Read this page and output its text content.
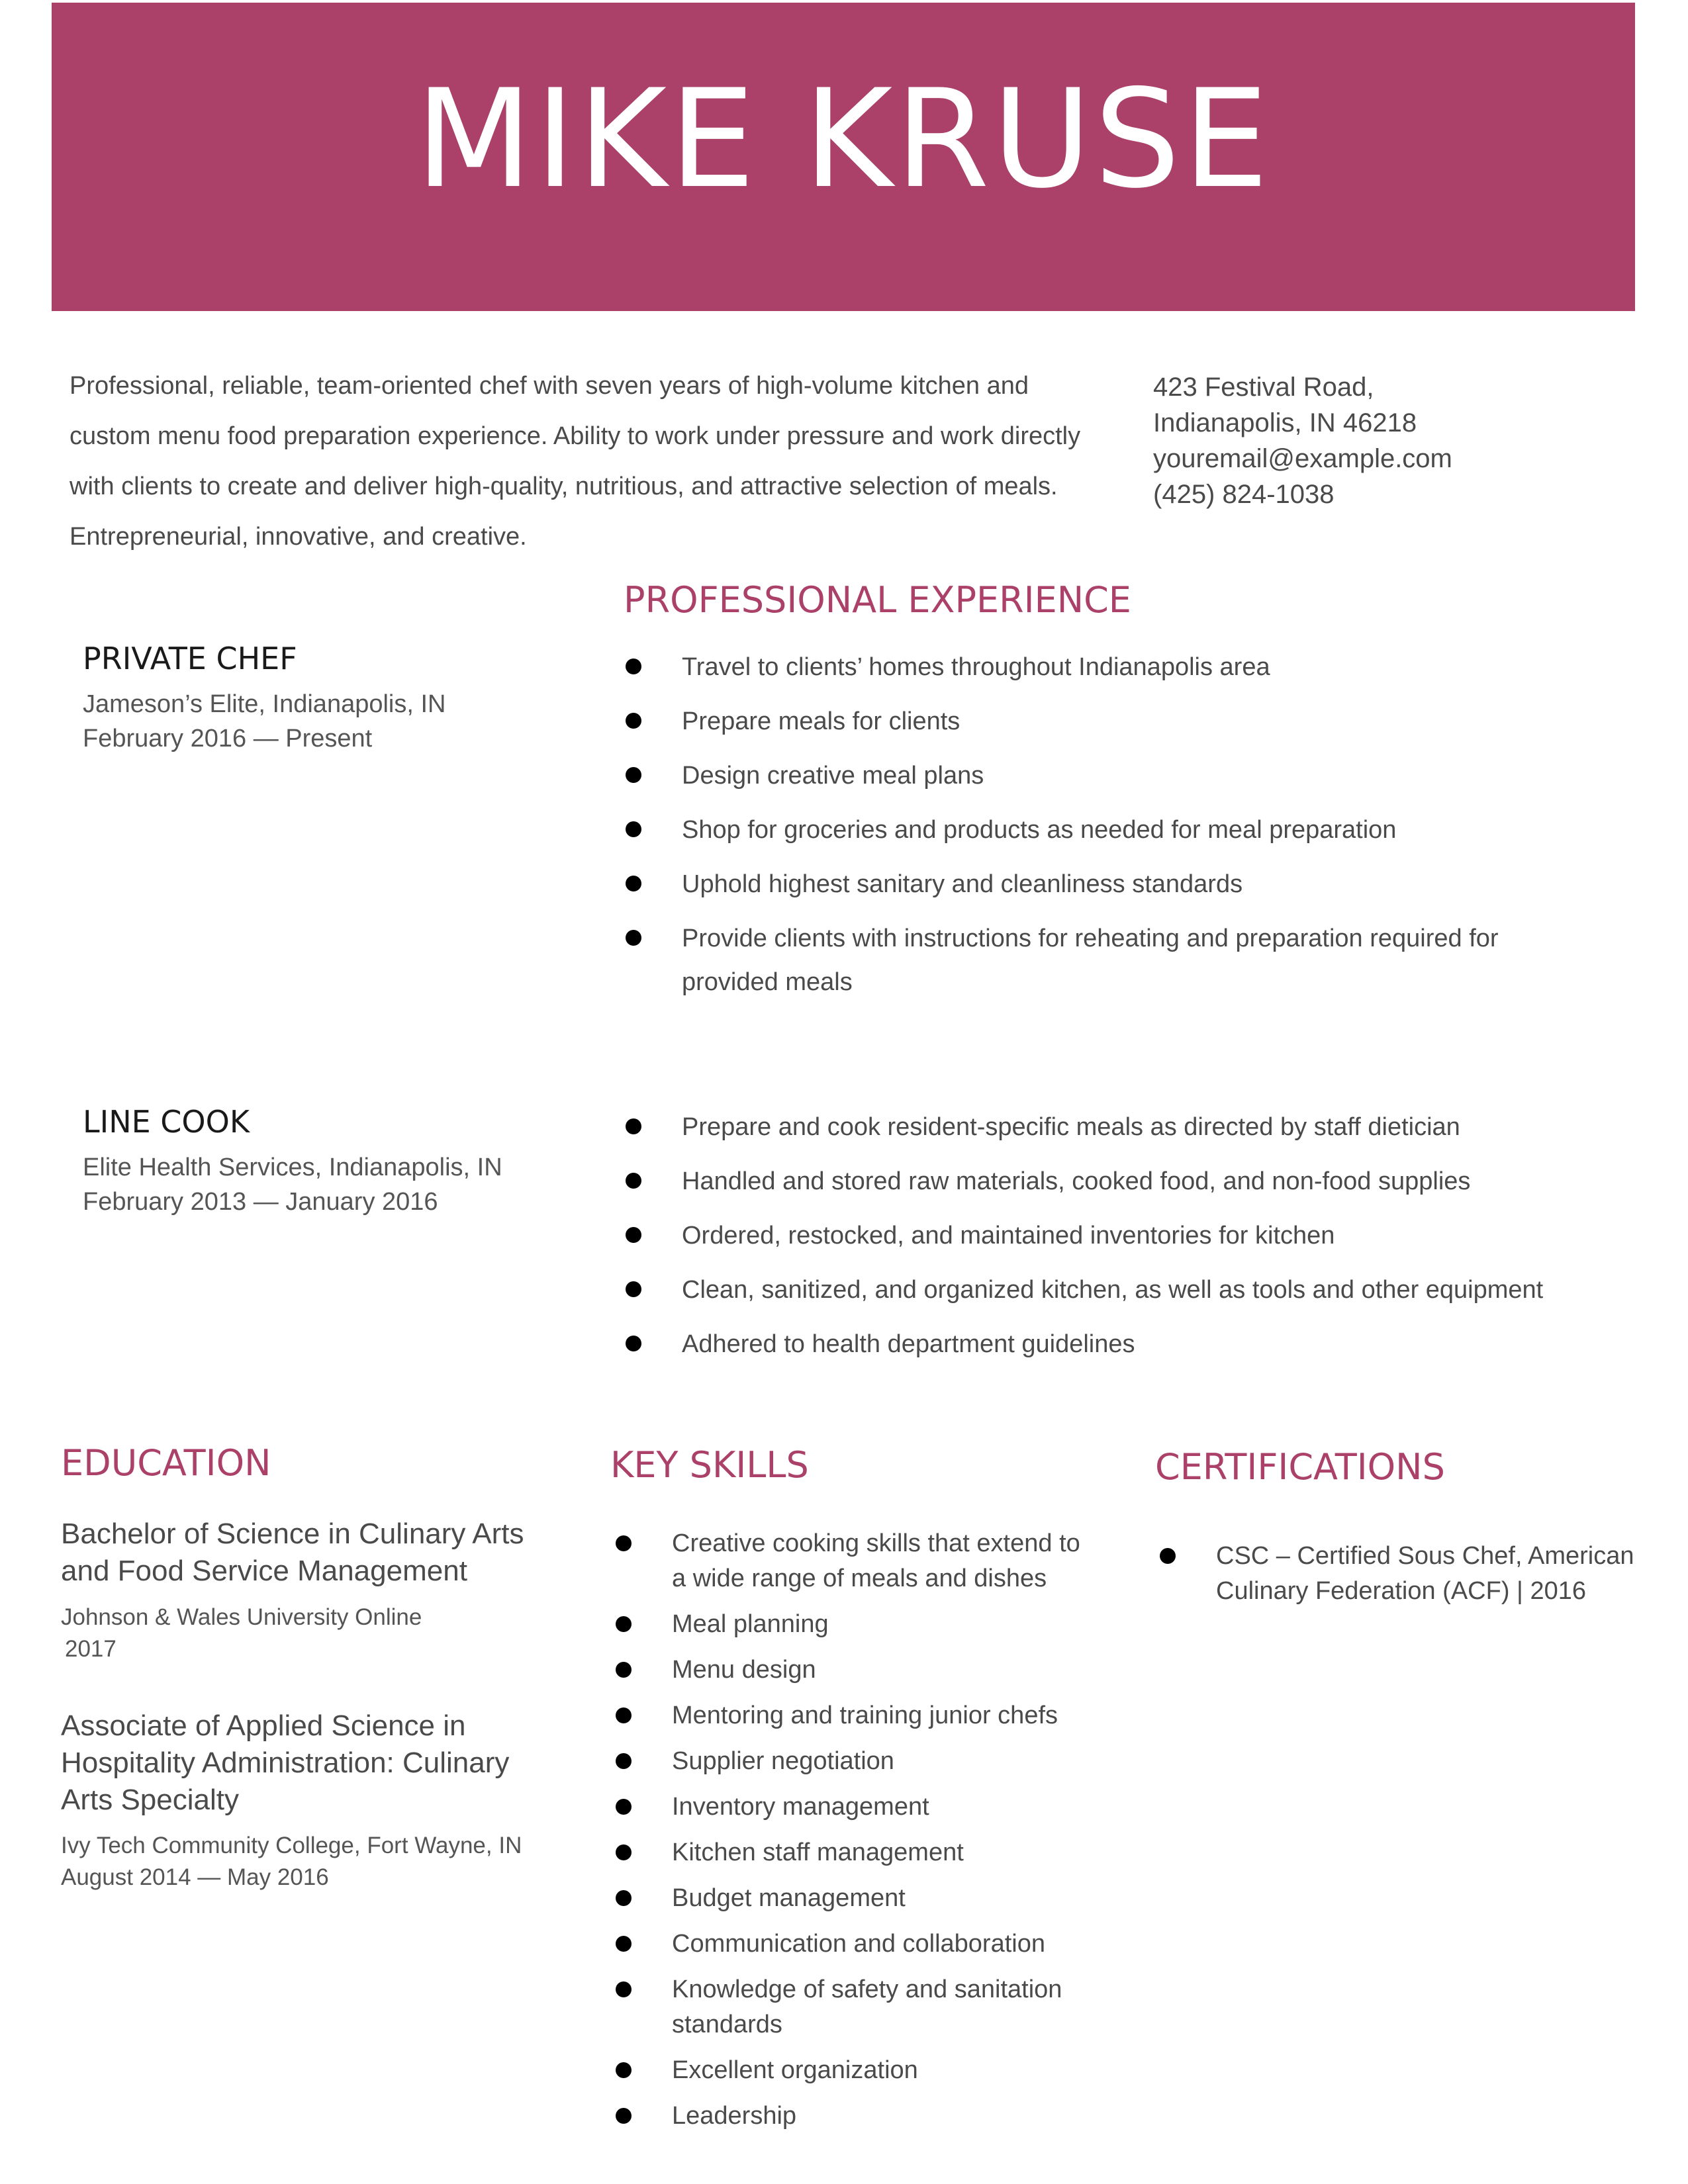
MIKE KRUSE
Professional, reliable, team-oriented chef with seven years of high-volume kitchen and custom menu food preparation experience. Ability to work under pressure and work directly with clients to create and deliver high-quality, nutritious, and attractive selection of meals. Entrepreneurial, innovative, and creative.
423 Festival Road,
Indianapolis, IN 46218
youremail@example.com
(425) 824-1038
PROFESSIONAL EXPERIENCE
PRIVATE CHEF
Jameson’s Elite, Indianapolis, IN
February 2016 — Present
Travel to clients’ homes throughout Indianapolis area
Prepare meals for clients
Design creative meal plans
Shop for groceries and products as needed for meal preparation
Uphold highest sanitary and cleanliness standards
Provide clients with instructions for reheating and preparation required for provided meals
LINE COOK
Elite Health Services, Indianapolis, IN
February 2013 — January 2016
Prepare and cook resident-specific meals as directed by staff dietician
Handled and stored raw materials, cooked food, and non-food supplies
Ordered, restocked, and maintained inventories for kitchen
Clean, sanitized, and organized kitchen, as well as tools and other equipment
Adhered to health department guidelines
EDUCATION
Bachelor of Science in Culinary Arts and Food Service Management
Johnson & Wales University Online
2017
Associate of Applied Science in Hospitality Administration: Culinary Arts Specialty
Ivy Tech Community College, Fort Wayne, IN
August 2014 — May 2016
KEY SKILLS
Creative cooking skills that extend to a wide range of meals and dishes
Meal planning
Menu design
Mentoring and training junior chefs
Supplier negotiation
Inventory management
Kitchen staff management
Budget management
Communication and collaboration
Knowledge of safety and sanitation standards
Excellent organization
Leadership
CERTIFICATIONS
CSC – Certified Sous Chef, American Culinary Federation (ACF) | 2016
